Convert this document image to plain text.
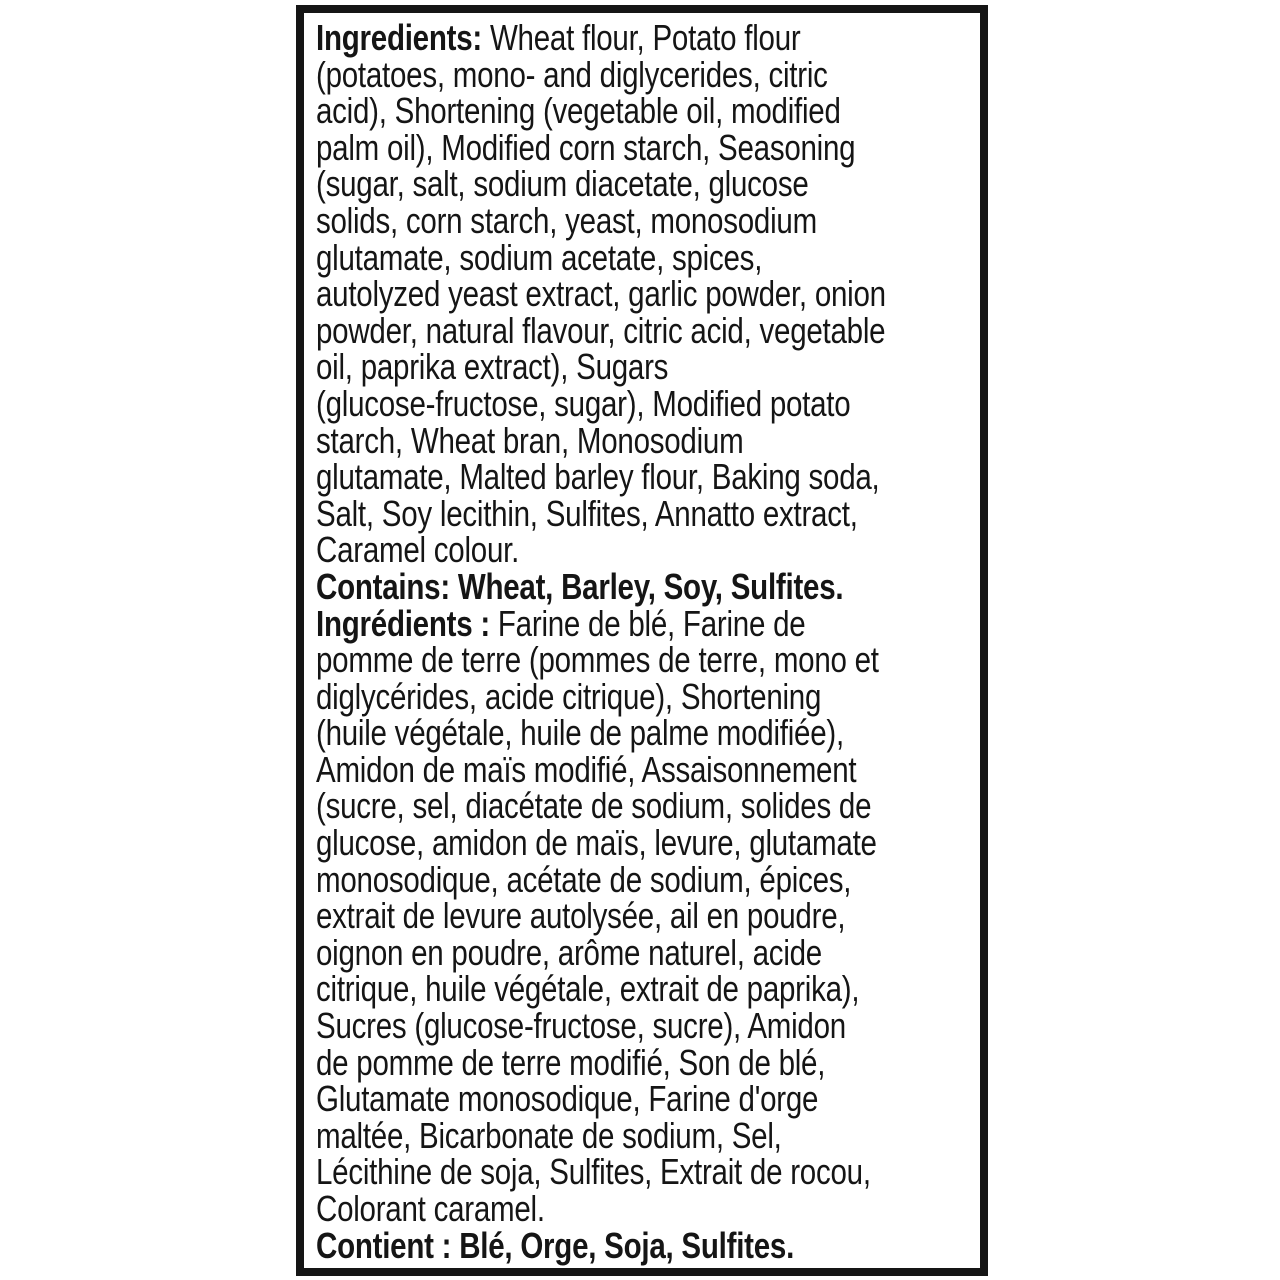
Ingredients: Wheat flour, Potato flour
(potatoes, mono- and diglycerides, citric
acid), Shortening (vegetable oil, modified
palm oil), Modified corn starch, Seasoning
(sugar, salt, sodium diacetate, glucose
solids, corn starch, yeast, monosodium
glutamate, sodium acetate, spices,
autolyzed yeast extract, garlic powder, onion
powder, natural flavour, citric acid, vegetable
oil, paprika extract), Sugars
(glucose-fructose, sugar), Modified potato
starch, Wheat bran, Monosodium
glutamate, Malted barley flour, Baking soda,
Salt, Soy lecithin, Sulfites, Annatto extract,
Caramel colour.
Contains: Wheat, Barley, Soy, Sulfites.
Ingrédients : Farine de blé, Farine de
pomme de terre (pommes de terre, mono et
diglycérides, acide citrique), Shortening
(huile végétale, huile de palme modifiée),
Amidon de maïs modifié, Assaisonnement
(sucre, sel, diacétate de sodium, solides de
glucose, amidon de maïs, levure, glutamate
monosodique, acétate de sodium, épices,
extrait de levure autolysée, ail en poudre,
oignon en poudre, arôme naturel, acide
citrique, huile végétale, extrait de paprika),
Sucres (glucose-fructose, sucre), Amidon
de pomme de terre modifié, Son de blé,
Glutamate monosodique, Farine d'orge
maltée, Bicarbonate de sodium, Sel,
Lécithine de soja, Sulfites, Extrait de rocou,
Colorant caramel.
Contient : Blé, Orge, Soja, Sulfites.
